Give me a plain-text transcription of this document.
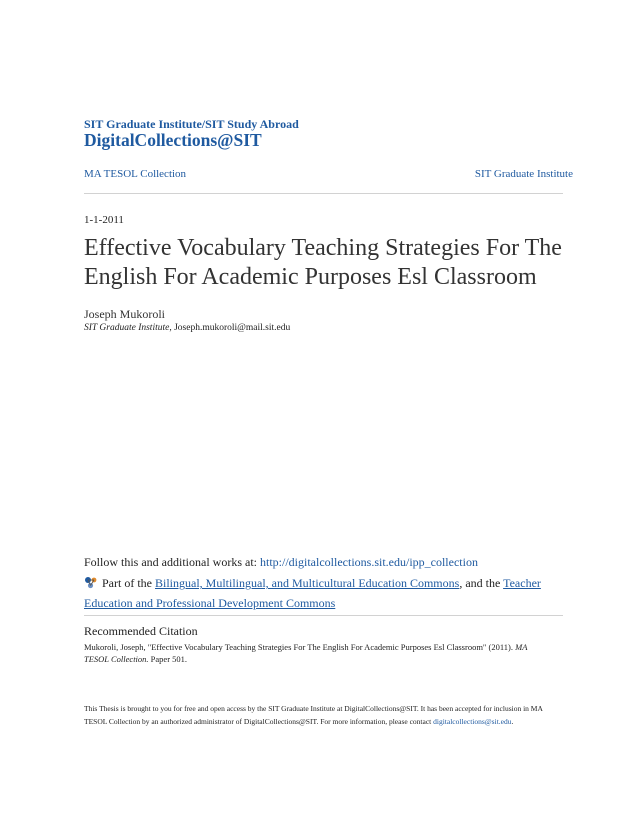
SIT Graduate Institute/SIT Study Abroad
DigitalCollections@SIT
MA TESOL Collection	SIT Graduate Institute
1-1-2011
Effective Vocabulary Teaching Strategies For The English For Academic Purposes Esl Classroom
Joseph Mukoroli
SIT Graduate Institute, Joseph.mukoroli@mail.sit.edu
Follow this and additional works at: http://digitalcollections.sit.edu/ipp_collection
Part of the Bilingual, Multilingual, and Multicultural Education Commons, and the Teacher Education and Professional Development Commons
Recommended Citation
Mukoroli, Joseph, "Effective Vocabulary Teaching Strategies For The English For Academic Purposes Esl Classroom" (2011). MA TESOL Collection. Paper 501.
This Thesis is brought to you for free and open access by the SIT Graduate Institute at DigitalCollections@SIT. It has been accepted for inclusion in MA TESOL Collection by an authorized administrator of DigitalCollections@SIT. For more information, please contact digitalcollections@sit.edu.
